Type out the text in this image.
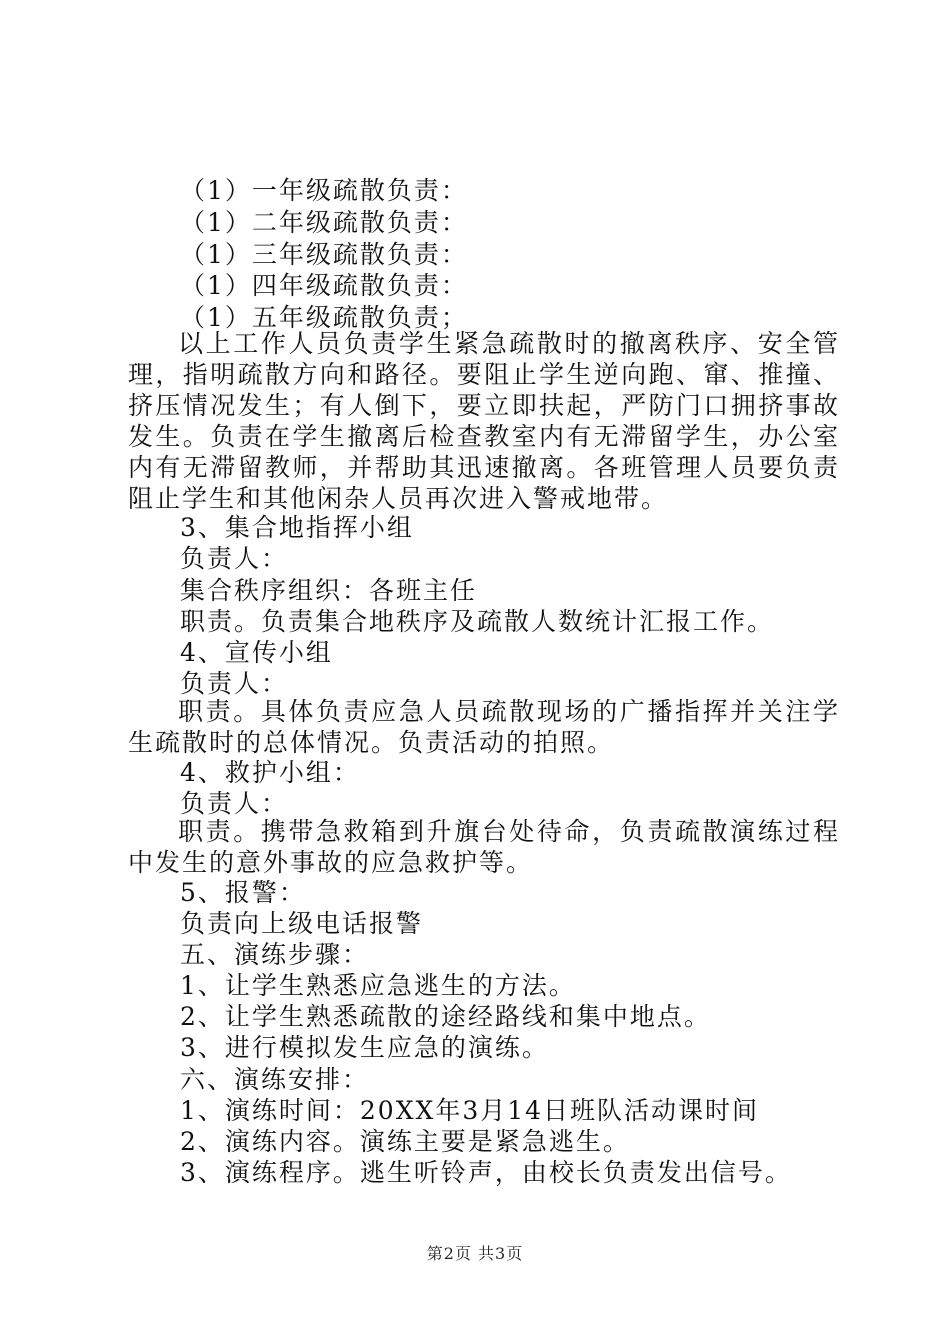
（1）一年级疏散负责：
（1）二年级疏散负责：
（1）三年级疏散负责：
（1）四年级疏散负责：
（1）五年级疏散负责；
以上工作人员负责学生紧急疏散时的撤离秩序、安全管理，指明疏散方向和路径。要阻止学生逆向跑、窜、推撞、挤压情况发生；有人倒下，要立即扶起，严防门口拥挤事故发生。负责在学生撤离后检查教室内有无滞留学生，办公室内有无滞留教师，并帮助其迅速撤离。各班管理人员要负责阻止学生和其他闲杂人员再次进入警戒地带。
3、集合地指挥小组
负责人：
集合秩序组织：各班主任
职责。负责集合地秩序及疏散人数统计汇报工作。
4、宣传小组
负责人：
职责。具体负责应急人员疏散现场的广播指挥并关注学生疏散时的总体情况。负责活动的拍照。
4、救护小组：
负责人：
职责。携带急救箱到升旗台处待命，负责疏散演练过程中发生的意外事故的应急救护等。
5、报警：
负责向上级电话报警
五、演练步骤：
1、让学生熟悉应急逃生的方法。
2、让学生熟悉疏散的途经路线和集中地点。
3、进行模拟发生应急的演练。
六、演练安排：
1、演练时间：20XX年3月14日班队活动课时间
2、演练内容。演练主要是紧急逃生。
3、演练程序。逃生听铃声，由校长负责发出信号。
第2页 共3页
